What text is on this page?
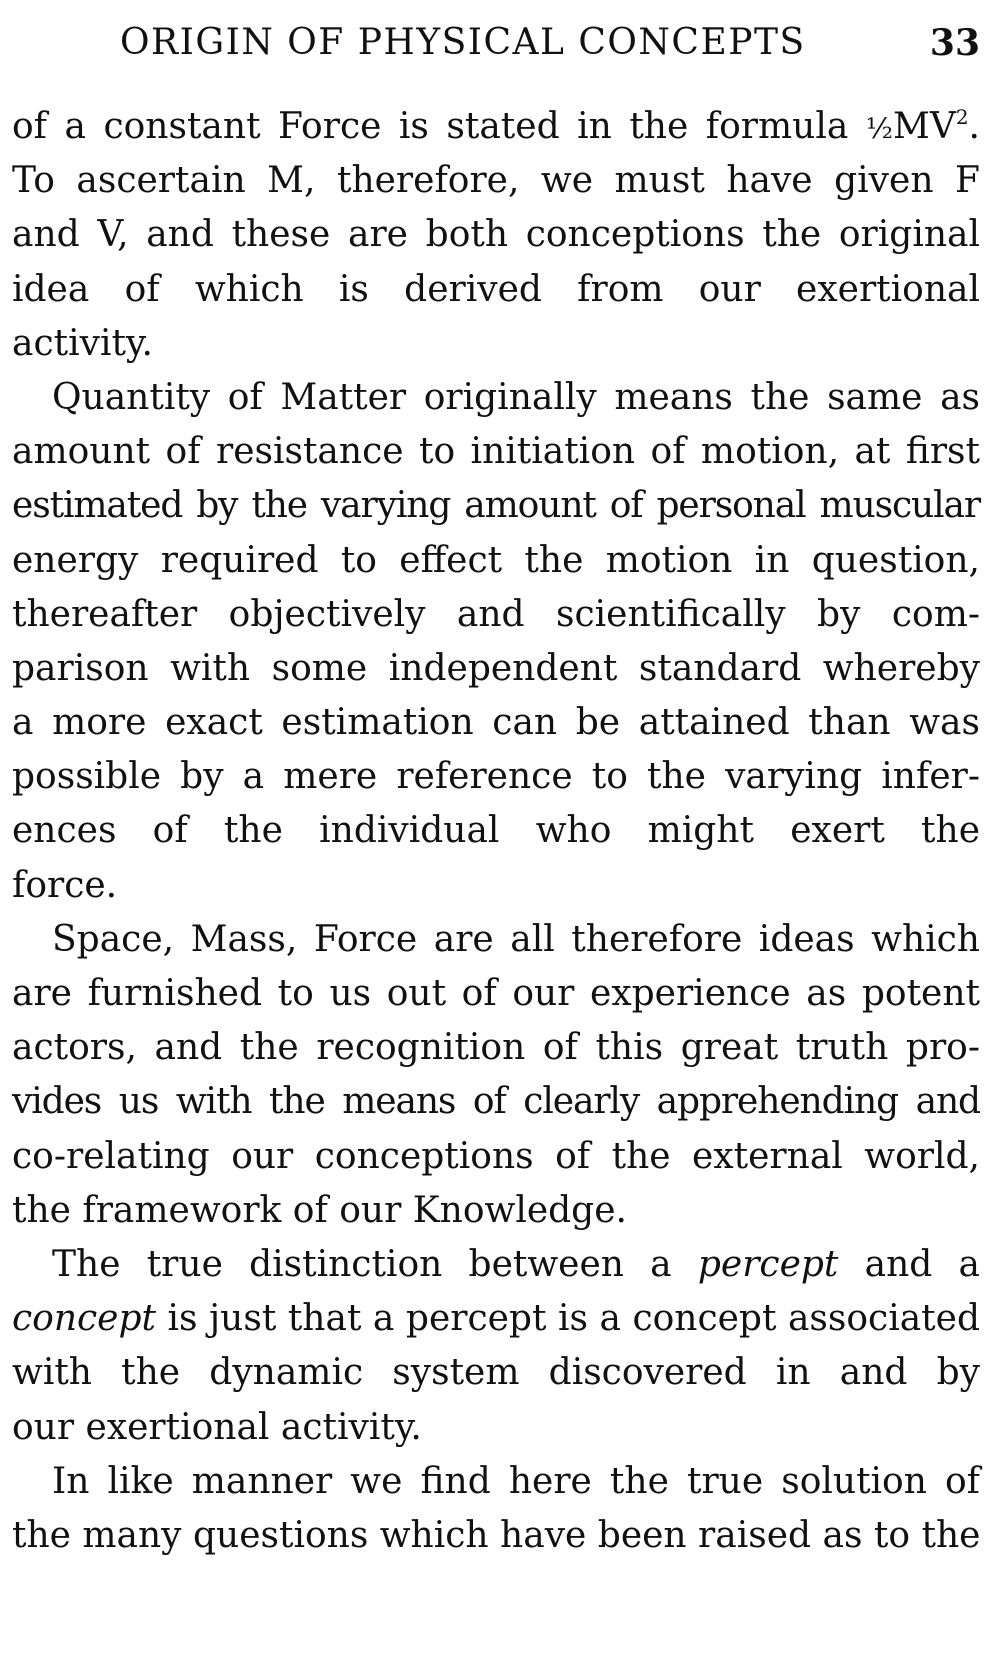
ORIGIN OF PHYSICAL CONCEPTS	33
of a constant Force is stated in the formula $\frac{1}{2}MV^2$.
To ascertain M, therefore, we must have given F
and V, and these are both conceptions the original
idea of which is derived from our exertional
activity.
Quantity of Matter originally means the same as
amount of resistance to initiation of motion, at first
estimated by the varying amount of personal muscular
energy required to effect the motion in question,
thereafter objectively and scientifically by com-
parison with some independent standard whereby
a more exact estimation can be attained than was
possible by a mere reference to the varying infer-
ences of the individual who might exert the
force.
Space, Mass, Force are all therefore ideas which
are furnished to us out of our experience as potent
actors, and the recognition of this great truth pro-
vides us with the means of clearly apprehending and
co-relating our conceptions of the external world,
the framework of our Knowledge.
The true distinction between a percept and a
concept is just that a percept is a concept associated
with the dynamic system discovered in and by
our exertional activity.
In like manner we find here the true solution of
the many questions which have been raised as to the
